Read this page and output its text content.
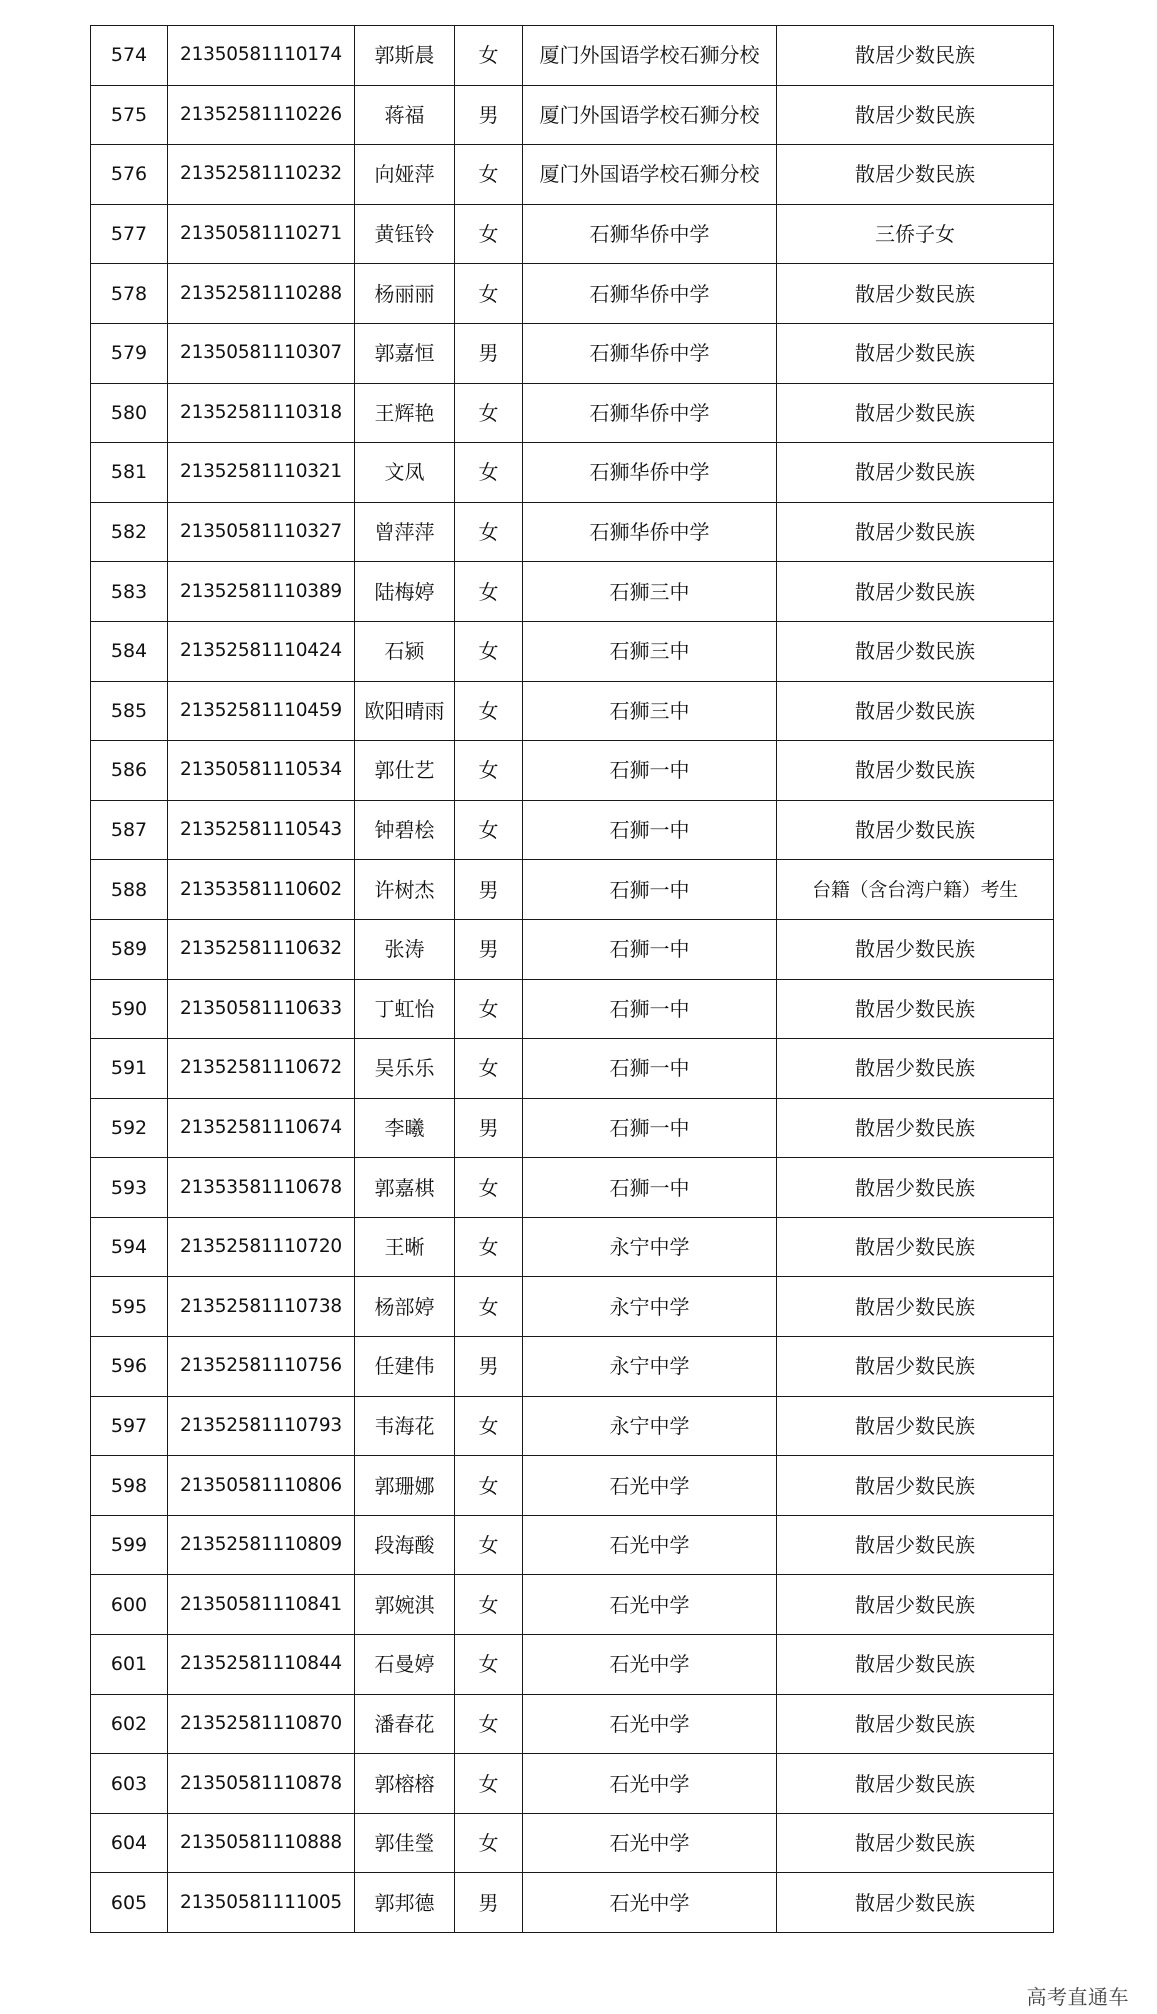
574	21350581110174	郭斯晨	女	厦门外国语学校石狮分校	散居少数民族
575	21352581110226	蒋福	男	厦门外国语学校石狮分校	散居少数民族
576	21352581110232	向娅萍	女	厦门外国语学校石狮分校	散居少数民族
577	21350581110271	黄钰铃	女	石狮华侨中学	三侨子女
578	21352581110288	杨丽丽	女	石狮华侨中学	散居少数民族
579	21350581110307	郭嘉恒	男	石狮华侨中学	散居少数民族
580	21352581110318	王辉艳	女	石狮华侨中学	散居少数民族
581	21352581110321	文凤	女	石狮华侨中学	散居少数民族
582	21350581110327	曾萍萍	女	石狮华侨中学	散居少数民族
583	21352581110389	陆梅婷	女	石狮三中	散居少数民族
584	21352581110424	石颍	女	石狮三中	散居少数民族
585	21352581110459	欧阳晴雨	女	石狮三中	散居少数民族
586	21350581110534	郭仕艺	女	石狮一中	散居少数民族
587	21352581110543	钟碧桧	女	石狮一中	散居少数民族
588	21353581110602	许树杰	男	石狮一中	台籍（含台湾户籍）考生
589	21352581110632	张涛	男	石狮一中	散居少数民族
590	21350581110633	丁虹怡	女	石狮一中	散居少数民族
591	21352581110672	吴乐乐	女	石狮一中	散居少数民族
592	21352581110674	李曦	男	石狮一中	散居少数民族
593	21353581110678	郭嘉棋	女	石狮一中	散居少数民族
594	21352581110720	王晰	女	永宁中学	散居少数民族
595	21352581110738	杨部婷	女	永宁中学	散居少数民族
596	21352581110756	任建伟	男	永宁中学	散居少数民族
597	21352581110793	韦海花	女	永宁中学	散居少数民族
598	21350581110806	郭珊娜	女	石光中学	散居少数民族
599	21352581110809	段海酸	女	石光中学	散居少数民族
600	21350581110841	郭婉淇	女	石光中学	散居少数民族
601	21352581110844	石曼婷	女	石光中学	散居少数民族
602	21352581110870	潘春花	女	石光中学	散居少数民族
603	21350581110878	郭榕榕	女	石光中学	散居少数民族
604	21350581110888	郭佳瑩	女	石光中学	散居少数民族
605	21350581111005	郭邦德	男	石光中学	散居少数民族
高考直通车
